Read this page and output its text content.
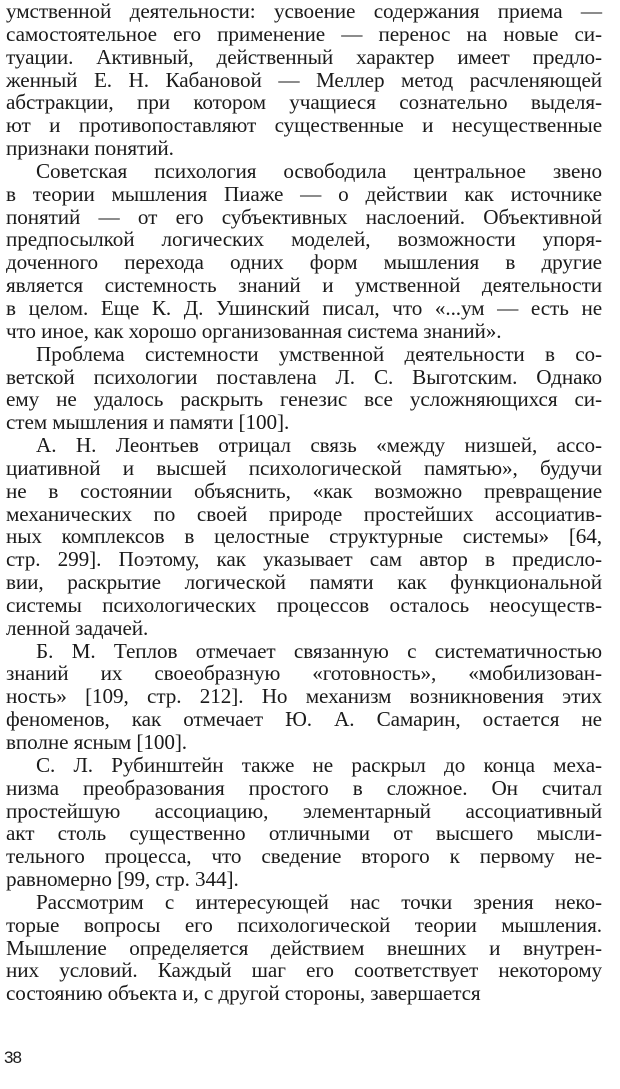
умственной деятельности: усвоение содержания приема —
самостоятельное его применение — перенос на новые си-
туации. Активный, действенный характер имеет предло-
женный Е. Н. Кабановой — Меллер метод расчленяющей
абстракции, при котором учащиеся сознательно выделя-
ют и противопоставляют существенные и несущественные
признаки понятий.
Советская психология освободила центральное звено
в теории мышления Пиаже — о действии как источнике
понятий — от его субъективных наслоений. Объективной
предпосылкой логических моделей, возможности упоря-
доченного перехода одних форм мышления в другие
является системность знаний и умственной деятельности
в целом. Еще К. Д. Ушинский писал, что «...ум — есть не
что иное, как хорошо организованная система знаний».
Проблема системности умственной деятельности в со-
ветской психологии поставлена Л. С. Выготским. Однако
ему не удалось раскрыть генезис все усложняющихся си-
стем мышления и памяти [100].
А. Н. Леонтьев отрицал связь «между низшей, ассо-
циативной и высшей психологической памятью», будучи
не в состоянии объяснить, «как возможно превращение
механических по своей природе простейших ассоциатив-
ных комплексов в целостные структурные системы» [64,
стр. 299]. Поэтому, как указывает сам автор в предисло-
вии, раскрытие логической памяти как функциональной
системы психологических процессов осталось неосуществ-
ленной задачей.
Б. М. Теплов отмечает связанную с систематичностью
знаний их своеобразную «готовность», «мобилизован-
ность» [109, стр. 212]. Но механизм возникновения этих
феноменов, как отмечает Ю. А. Самарин, остается не
вполне ясным [100].
С. Л. Рубинштейн также не раскрыл до конца меха-
низма преобразования простого в сложное. Он считал
простейшую ассоциацию, элементарный ассоциативный
акт столь существенно отличными от высшего мысли-
тельного процесса, что сведение второго к первому не-
равномерно [99, стр. 344].
Рассмотрим с интересующей нас точки зрения неко-
торые вопросы его психологической теории мышления.
Мышление определяется действием внешних и внутрен-
них условий. Каждый шаг его соответствует некоторому
состоянию объекта и, с другой стороны, завершается
38
